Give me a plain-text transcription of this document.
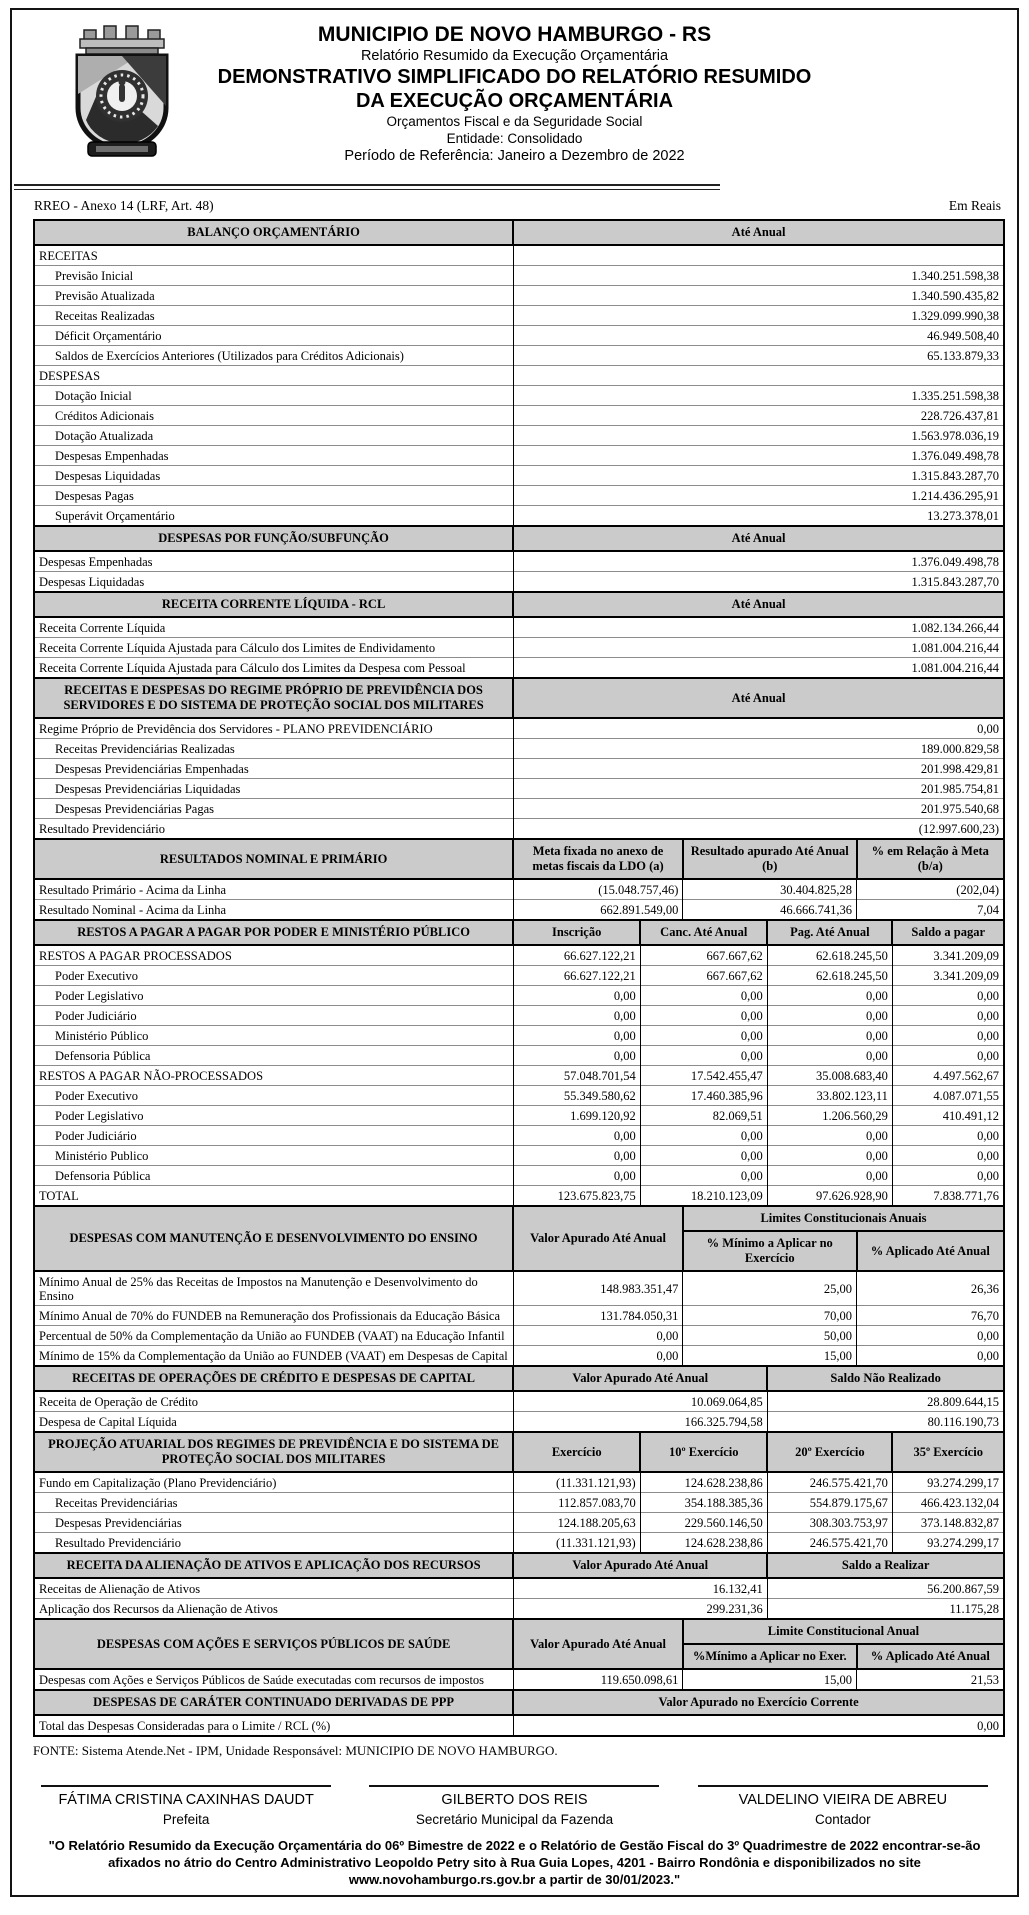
MUNICIPIO DE NOVO HAMBURGO - RS
Relatório Resumido da Execução Orçamentária
DEMONSTRATIVO SIMPLIFICADO DO RELATÓRIO RESUMIDO
DA EXECUÇÃO ORÇAMENTÁRIA
Orçamentos Fiscal e da Seguridade Social
Entidade: Consolidado
Período de Referência: Janeiro a Dezembro de 2022
RREO - Anexo 14 (LRF, Art. 48)	Em Reais
BALANÇO ORÇAMENTÁRIO	Até Anual
RECEITAS	
Previsão Inicial	1.340.251.598,38
Previsão Atualizada	1.340.590.435,82
Receitas Realizadas	1.329.099.990,38
Déficit Orçamentário	46.949.508,40
Saldos de Exercícios Anteriores (Utilizados para Créditos Adicionais)	65.133.879,33
DESPESAS	
Dotação Inicial	1.335.251.598,38
Créditos Adicionais	228.726.437,81
Dotação Atualizada	1.563.978.036,19
Despesas Empenhadas	1.376.049.498,78
Despesas Liquidadas	1.315.843.287,70
Despesas Pagas	1.214.436.295,91
Superávit Orçamentário	13.273.378,01
DESPESAS POR FUNÇÃO/SUBFUNÇÃO	Até Anual
Despesas Empenhadas	1.376.049.498,78
Despesas Liquidadas	1.315.843.287,70
RECEITA CORRENTE LÍQUIDA - RCL	Até Anual
Receita Corrente Líquida	1.082.134.266,44
Receita Corrente Líquida Ajustada para Cálculo dos Limites de Endividamento	1.081.004.216,44
Receita Corrente Líquida Ajustada para Cálculo dos Limites da Despesa com Pessoal	1.081.004.216,44
RECEITAS E DESPESAS DO REGIME PRÓPRIO DE PREVIDÊNCIA DOS SERVIDORES E DO SISTEMA DE PROTEÇÃO SOCIAL DOS MILITARES	Até Anual
Regime Próprio de Previdência dos Servidores - PLANO PREVIDENCIÁRIO	0,00
Receitas Previdenciárias Realizadas	189.000.829,58
Despesas Previdenciárias Empenhadas	201.998.429,81
Despesas Previdenciárias Liquidadas	201.985.754,81
Despesas Previdenciárias Pagas	201.975.540,68
Resultado Previdenciário	(12.997.600,23)
RESULTADOS NOMINAL E PRIMÁRIO	Meta fixada no anexo de metas fiscais da LDO (a)	Resultado apurado Até Anual (b)	% em Relação à Meta (b/a)
Resultado Primário - Acima da Linha	(15.048.757,46)	30.404.825,28	(202,04)
Resultado Nominal - Acima da Linha	662.891.549,00	46.666.741,36	7,04
RESTOS A PAGAR A PAGAR POR PODER E MINISTÉRIO PÚBLICO	Inscrição	Canc. Até Anual	Pag. Até Anual	Saldo a pagar
RESTOS A PAGAR PROCESSADOS	66.627.122,21	667.667,62	62.618.245,50	3.341.209,09
Poder Executivo	66.627.122,21	667.667,62	62.618.245,50	3.341.209,09
Poder Legislativo	0,00	0,00	0,00	0,00
Poder Judiciário	0,00	0,00	0,00	0,00
Ministério Público	0,00	0,00	0,00	0,00
Defensoria Pública	0,00	0,00	0,00	0,00
RESTOS A PAGAR NÃO-PROCESSADOS	57.048.701,54	17.542.455,47	35.008.683,40	4.497.562,67
Poder Executivo	55.349.580,62	17.460.385,96	33.802.123,11	4.087.071,55
Poder Legislativo	1.699.120,92	82.069,51	1.206.560,29	410.491,12
Poder Judiciário	0,00	0,00	0,00	0,00
Ministério Publico	0,00	0,00	0,00	0,00
Defensoria Pública	0,00	0,00	0,00	0,00
TOTAL	123.675.823,75	18.210.123,09	97.626.928,90	7.838.771,76
DESPESAS COM MANUTENÇÃO E DESENVOLVIMENTO DO ENSINO	Valor Apurado Até Anual	Limites Constitucionais Anuais	
		% Mínimo a Aplicar no Exercício	% Aplicado Até Anual
Mínimo Anual de 25% das Receitas de Impostos na Manutenção e Desenvolvimento do Ensino	148.983.351,47	25,00	26,36
Mínimo Anual de 70% do FUNDEB na Remuneração dos Profissionais da Educação Básica	131.784.050,31	70,00	76,70
Percentual de 50% da Complementação da União ao FUNDEB (VAAT) na Educação Infantil	0,00	50,00	0,00
Mínimo de 15% da Complementação da União ao FUNDEB (VAAT) em Despesas de Capital	0,00	15,00	0,00
RECEITAS DE OPERAÇÕES DE CRÉDITO E DESPESAS DE CAPITAL	Valor Apurado Até Anual	Saldo Não Realizado
Receita de Operação de Crédito	10.069.064,85	28.809.644,15
Despesa de Capital Líquida	166.325.794,58	80.116.190,73
PROJEÇÃO ATUARIAL DOS REGIMES DE PREVIDÊNCIA E DO SISTEMA DE PROTEÇÃO SOCIAL DOS MILITARES	Exercício	10º Exercício	20º Exercício	35º Exercício
Fundo em Capitalização (Plano Previdenciário)	(11.331.121,93)	124.628.238,86	246.575.421,70	93.274.299,17
Receitas Previdenciárias	112.857.083,70	354.188.385,36	554.879.175,67	466.423.132,04
Despesas Previdenciárias	124.188.205,63	229.560.146,50	308.303.753,97	373.148.832,87
Resultado Previdenciário	(11.331.121,93)	124.628.238,86	246.575.421,70	93.274.299,17
RECEITA DA ALIENAÇÃO DE ATIVOS E APLICAÇÃO DOS RECURSOS	Valor Apurado Até Anual	Saldo a Realizar
Receitas de Alienação de Ativos	16.132,41	56.200.867,59
Aplicação dos Recursos da Alienação de Ativos	299.231,36	11.175,28
DESPESAS COM AÇÕES E SERVIÇOS PÚBLICOS DE SAÚDE	Valor Apurado Até Anual	Limite Constitucional Anual	
		%Mínimo a Aplicar no Exer.	% Aplicado Até Anual
Despesas com Ações e Serviços Públicos de Saúde executadas com recursos de impostos	119.650.098,61	15,00	21,53
DESPESAS DE CARÁTER CONTINUADO DERIVADAS DE PPP	Valor Apurado no Exercício Corrente
Total das Despesas Consideradas para o Limite / RCL (%)	0,00
FONTE: Sistema Atende.Net - IPM, Unidade Responsável: MUNICIPIO DE NOVO HAMBURGO.
FÁTIMA CRISTINA CAXINHAS DAUDT
Prefeita
GILBERTO DOS REIS
Secretário Municipal da Fazenda
VALDELINO VIEIRA DE ABREU
Contador

"O Relatório Resumido da Execução Orçamentária do 06º Bimestre de 2022 e o Relatório de Gestão Fiscal do 3º Quadrimestre de 2022 encontrar-se-ão afixados no átrio do Centro Administrativo Leopoldo Petry sito à Rua Guia Lopes, 4201 - Bairro Rondônia e disponibilizados no site www.novohamburgo.rs.gov.br a partir de 30/01/2023."
